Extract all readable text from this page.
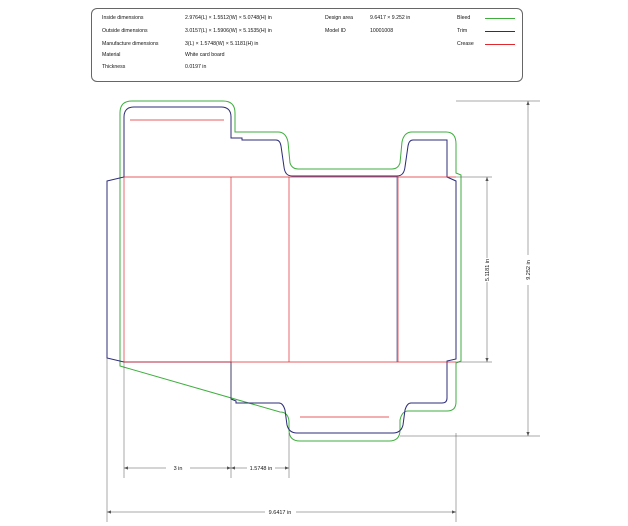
Inside dimensions	2.9764(L) × 1.5512(W) × 5.0748(H) in
Outside dimensions	3.0157(L) × 1.5906(W) × 5.1535(H) in
Manufacture dimensions	3(L) × 1.5748(W) × 5.1181(H) in
Material	White card board
Thickness	0.0197 in
Design area	9.6417 × 9.252 in
Model ID	10001008
Bleed
Trim
Crease
3 in	1.5748 in
9.6417 in
5.1181 in	9.252 in
